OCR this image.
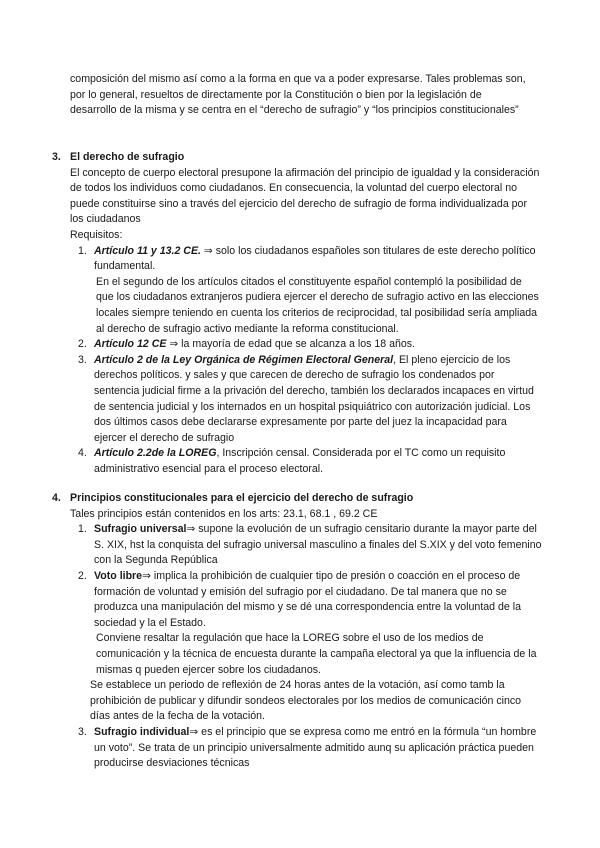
composición del mismo así como a la forma en que va a poder expresarse. Tales problemas son, por lo general, resueltos de directamente por la Constitución o bien por la legislación de desarrollo de la misma y se centra en el “derecho de sufragio” y “los principios constitucionales”

3. El derecho de sufragio

El concepto de cuerpo electoral presupone la afirmación del principio de igualdad y la consideración de todos los individuos como ciudadanos. En consecuencia, la voluntad del cuerpo electoral no puede constituirse sino a través del ejercicio del derecho de sufragio de forma individualizada por los ciudadanos
Requisitos:
1. Artículo 11 y 13.2 CE. ⇒ solo los ciudadanos españoles son titulares de este derecho político fundamental.
En el segundo de los artículos citados el constituyente español contempló la posibilidad de que los ciudadanos extranjeros pudiera ejercer el derecho de sufragio activo en las elecciones locales siempre teniendo en cuenta los criterios de reciprocidad, tal posibilidad sería ampliada al derecho de sufragio activo mediante la reforma constitucional.
2. Artículo 12 CE ⇒ la mayoría de edad que se alcanza a los 18 años.
3. Artículo 2 de la Ley Orgánica de Régimen Electoral General, El pleno ejercicio de los derechos políticos. y sales y que carecen de derecho de sufragio los condenados por sentencia judicial firme a la privación del derecho, también los declarados incapaces en virtud de sentencia judicial y los internados en un hospital psiquiátrico con autorización judicial. Los dos últimos casos debe declararse expresamente por parte del juez la incapacidad para ejercer el derecho de sufragio
4. Artículo 2.2de la LOREG, Inscripción censal. Considerada por el TC como un requisito administrativo esencial para el proceso electoral.

4. Principios constitucionales para el ejercicio del derecho de sufragio

Tales principios están contenidos en los arts: 23.1, 68.1 , 69.2 CE
1. Sufragio universal⇒ supone la evolución de un sufragio censitario durante la mayor parte del S. XIX, hst la conquista del sufragio universal masculino a finales del S.XIX y del voto femenino con la Segunda República
2. Voto libre⇒ implica la prohibición de cualquier tipo de presión o coacción en el proceso de formación de voluntad y emisión del sufragio por el ciudadano. De tal manera que no se produzca una manipulación del mismo y se dé una correspondencia entre la voluntad de la sociedad y la el Estado.
Conviene resaltar la regulación que hace la LOREG sobre el uso de los medios de comunicación y la técnica de encuesta durante la campaña electoral ya que la influencia de la mismas q pueden ejercer sobre los ciudadanos.
Se establece un periodo de reflexión de 24 horas antes de la votación, así como tamb la prohibición de publicar y difundir sondeos electorales por los medios de comunicación cinco días antes de la fecha de la votación.
3. Sufragio individual⇒ es el principio que se expresa como me entró en la fórmula “un hombre un voto”. Se trata de un principio universalmente admitido aunq su aplicación práctica pueden producirse desviaciones técnicas
